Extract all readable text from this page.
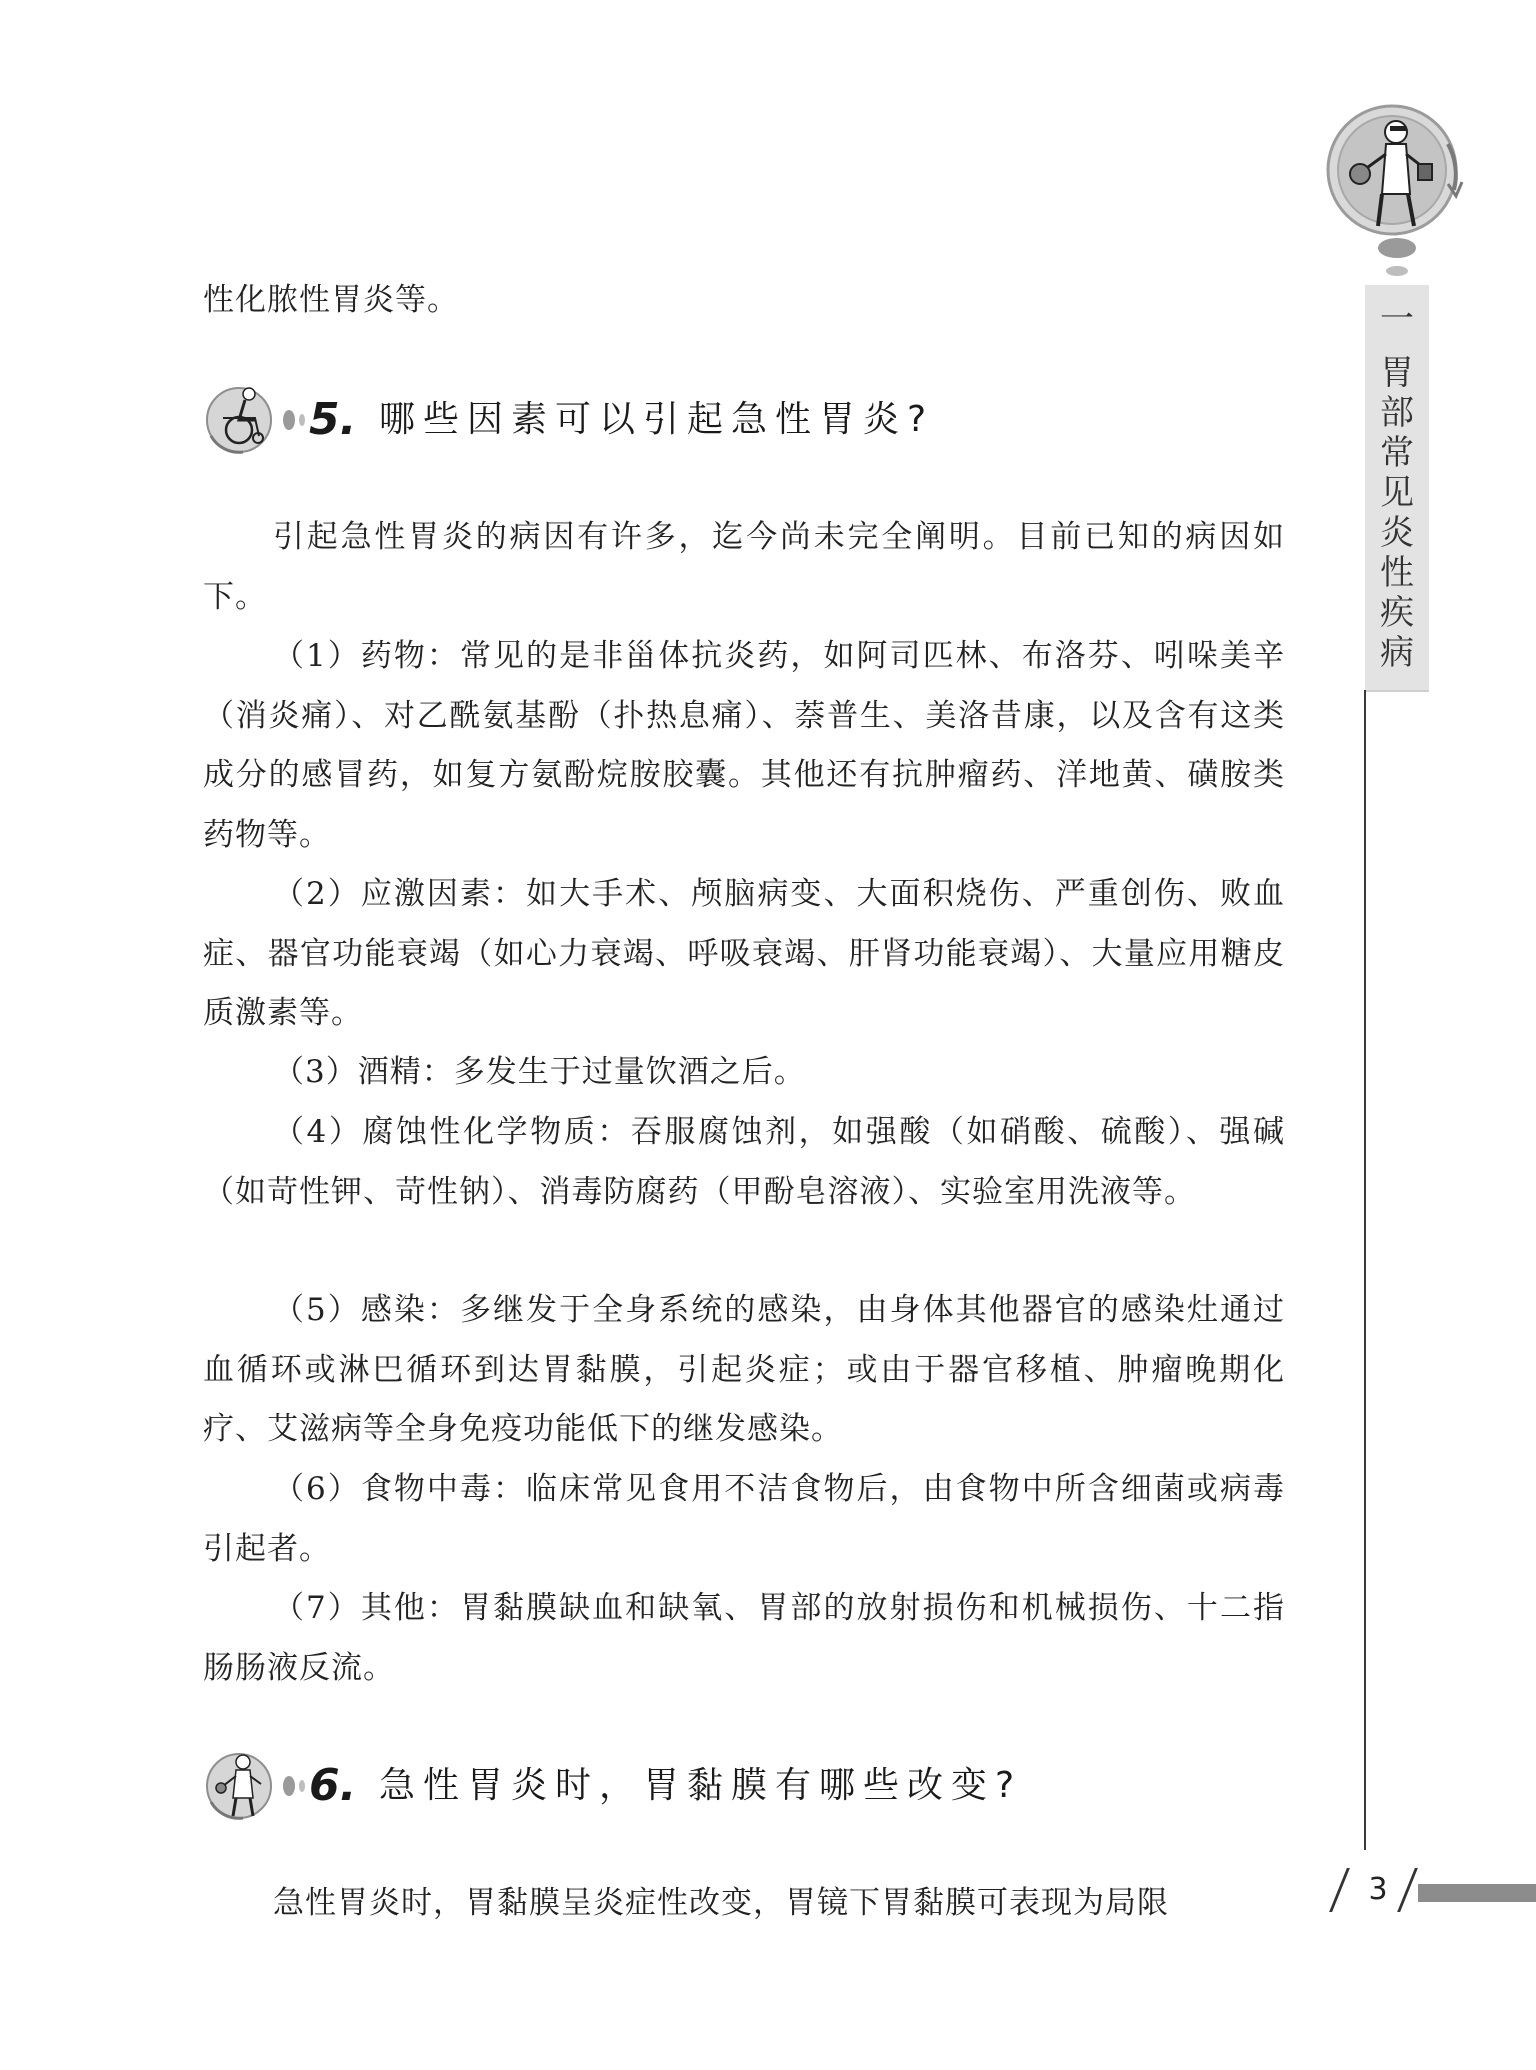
一
胃
部
常
见
炎
性
疾
病

性化脓性胃炎等。

5. 哪些因素可以引起急性胃炎?

引起急性胃炎的病因有许多，迄今尚未完全阐明。目前已知的病因如下。

（1）药物：常见的是非甾体抗炎药，如阿司匹林、布洛芬、吲哚美辛（消炎痛）、对乙酰氨基酚（扑热息痛）、萘普生、美洛昔康，以及含有这类成分的感冒药，如复方氨酚烷胺胶囊。其他还有抗肿瘤药、洋地黄、磺胺类药物等。

（2）应激因素：如大手术、颅脑病变、大面积烧伤、严重创伤、败血症、器官功能衰竭（如心力衰竭、呼吸衰竭、肝肾功能衰竭）、大量应用糖皮质激素等。

（3）酒精：多发生于过量饮酒之后。

（4）腐蚀性化学物质：吞服腐蚀剂，如强酸（如硝酸、硫酸）、强碱（如苛性钾、苛性钠）、消毒防腐药（甲酚皂溶液）、实验室用洗液等。

（5）感染：多继发于全身系统的感染，由身体其他器官的感染灶通过血循环或淋巴循环到达胃黏膜，引起炎症；或由于器官移植、肿瘤晚期化疗、艾滋病等全身免疫功能低下的继发感染。

（6）食物中毒：临床常见食用不洁食物后，由食物中所含细菌或病毒引起者。

（7）其他：胃黏膜缺血和缺氧、胃部的放射损伤和机械损伤、十二指肠肠液反流。

6. 急性胃炎时，胃黏膜有哪些改变?

急性胃炎时，胃黏膜呈炎症性改变，胃镜下胃黏膜可表现为局限	3
